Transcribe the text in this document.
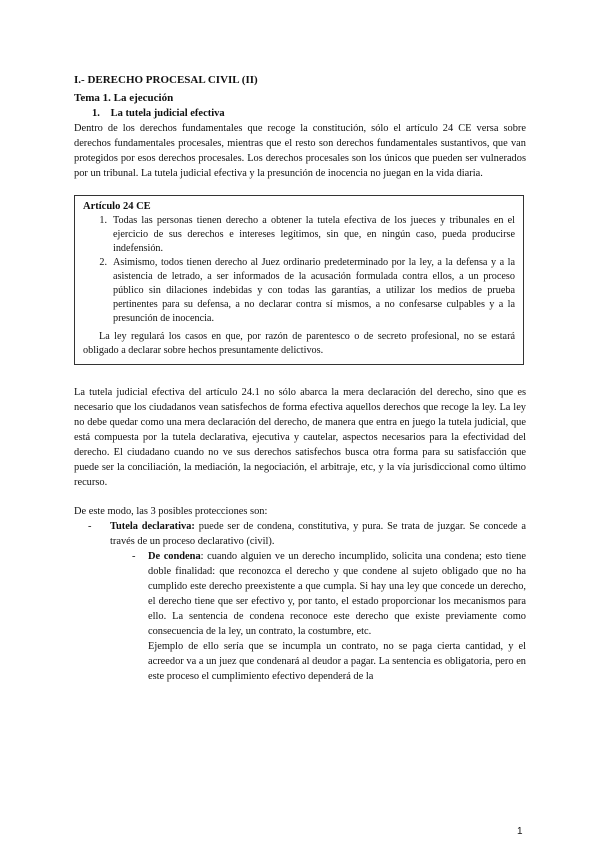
I.- DERECHO PROCESAL CIVIL (II)
Tema 1. La ejecución
1. La tutela judicial efectiva

Dentro de los derechos fundamentales que recoge la constitución, sólo el artículo 24 CE versa sobre derechos fundamentales procesales, mientras que el resto son derechos fundamentales sustantivos, que van protegidos por esos derechos procesales. Los derechos procesales son los únicos que pueden ser vulnerados por un tribunal. La tutela judicial efectiva y la presunción de inocencia no juegan en la vida diaria.

Artículo 24 CE
1. Todas las personas tienen derecho a obtener la tutela efectiva de los jueces y tribunales en el ejercicio de sus derechos e intereses legítimos, sin que, en ningún caso, pueda producirse indefensión.
2. Asimismo, todos tienen derecho al Juez ordinario predeterminado por la ley, a la defensa y a la asistencia de letrado, a ser informados de la acusación formulada contra ellos, a un proceso público sin dilaciones indebidas y con todas las garantías, a utilizar los medios de prueba pertinentes para su defensa, a no declarar contra sí mismos, a no confesarse culpables y a la presunción de inocencia.

La ley regulará los casos en que, por razón de parentesco o de secreto profesional, no se estará obligado a declarar sobre hechos presuntamente delictivos.

La tutela judicial efectiva del artículo 24.1 no sólo abarca la mera declaración del derecho, sino que es necesario que los ciudadanos vean satisfechos de forma efectiva aquellos derechos que recoge la ley. La ley no debe quedar como una mera declaración del derecho, de manera que entra en juego la tutela judicial, que está compuesta por la tutela declarativa, ejecutiva y cautelar, aspectos necesarios para la efectividad del derecho. El ciudadano cuando no ve sus derechos satisfechos busca otra forma para su satisfacción que puede ser la conciliación, la mediación, la negociación, el arbitraje, etc, y la vía jurisdiccional como último recurso.

De este modo, las 3 posibles protecciones son:

-	Tutela declarativa: puede ser de condena, constitutiva, y pura. Se trata de juzgar. Se concede a través de un proceso declarativo (civil).
-	De condena: cuando alguien ve un derecho incumplido, solicita una condena; esto tiene doble finalidad: que reconozca el derecho y que condene al sujeto obligado que no ha cumplido este derecho preexistente a que cumpla. Si hay una ley que concede un derecho, el derecho tiene que ser efectivo y, por tanto, el estado proporcionar los mecanismos para ello. La sentencia de condena reconoce este derecho que existe previamente como consecuencia de la ley, un contrato, la costumbre, etc.

Ejemplo de ello sería que se incumpla un contrato, no se paga cierta cantidad, y el acreedor va a un juez que condenará al deudor a pagar. La sentencia es obligatoria, pero en este proceso el cumplimiento efectivo dependerá de la

1
